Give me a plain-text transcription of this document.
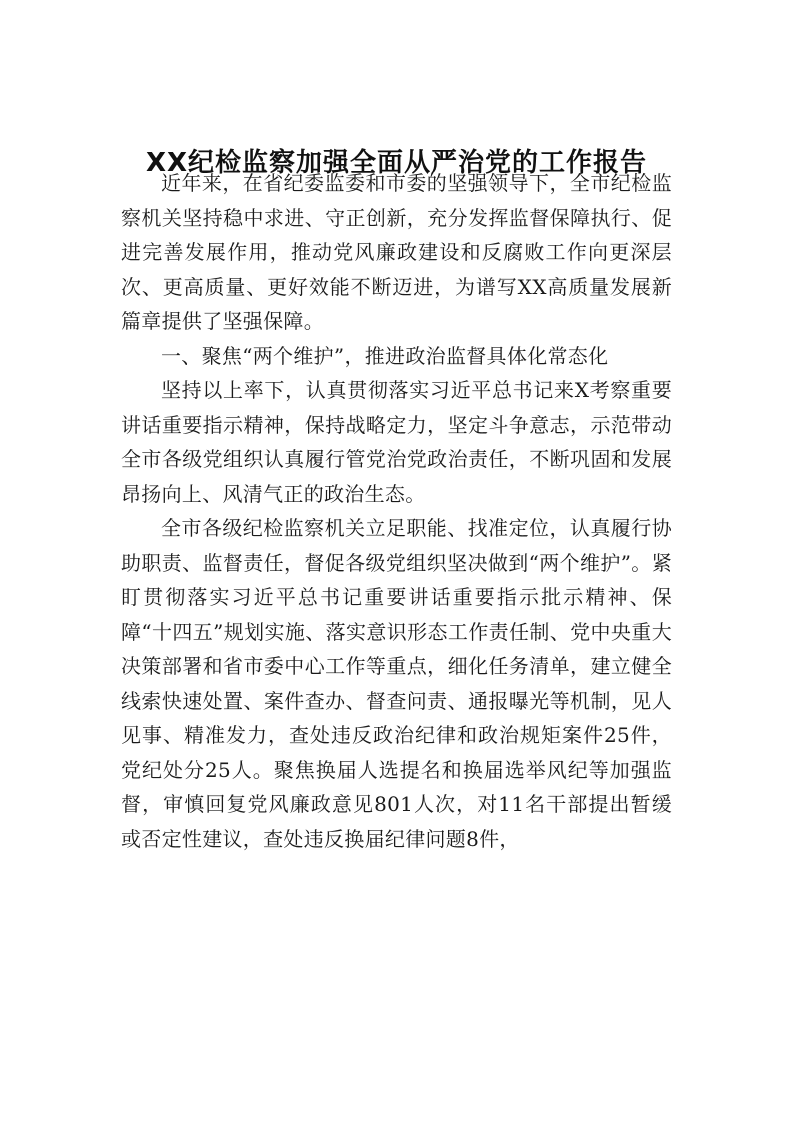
XX纪检监察加强全面从严治党的工作报告

近年来，在省纪委监委和市委的坚强领导下，全市纪检监察机关坚持稳中求进、守正创新，充分发挥监督保障执行、促进完善发展作用，推动党风廉政建设和反腐败工作向更深层次、更高质量、更好效能不断迈进，为谱写XX高质量发展新篇章提供了坚强保障。

一、聚焦“两个维护”，推进政治监督具体化常态化

坚持以上率下，认真贯彻落实习近平总书记来X考察重要讲话重要指示精神，保持战略定力，坚定斗争意志，示范带动全市各级党组织认真履行管党治党政治责任，不断巩固和发展昂扬向上、风清气正的政治生态。

全市各级纪检监察机关立足职能、找准定位，认真履行协助职责、监督责任，督促各级党组织坚决做到“两个维护”。紧盯贯彻落实习近平总书记重要讲话重要指示批示精神、保障“十四五”规划实施、落实意识形态工作责任制、党中央重大决策部署和省市委中心工作等重点，细化任务清单，建立健全线索快速处置、案件查办、督查问责、通报曝光等机制，见人见事、精准发力，查处违反政治纪律和政治规矩案件25件，党纪处分25人。聚焦换届人选提名和换届选举风纪等加强监督，审慎回复党风廉政意见801人次，对11名干部提出暂缓或否定性建议，查处违反换届纪律问题8件，
